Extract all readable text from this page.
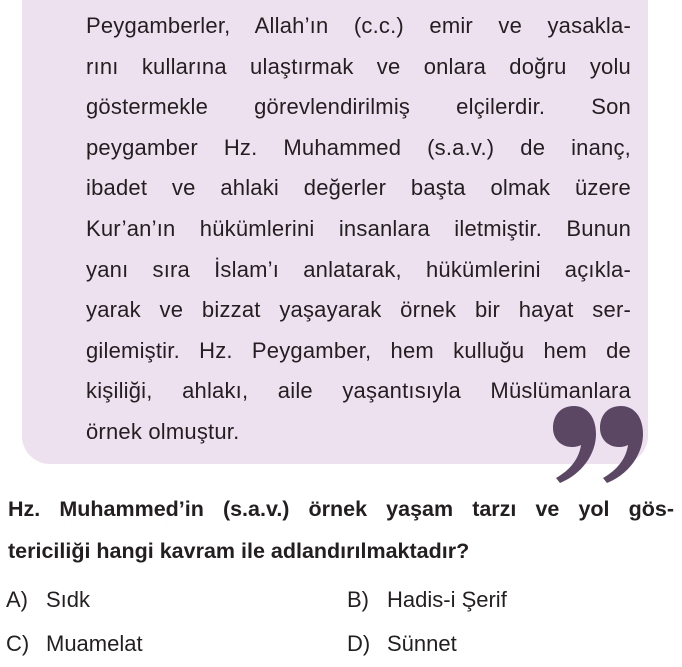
Peygamberler, Allah’ın (c.c.) emir ve yasakla-
rını kullarına ulaştırmak ve onlara doğru yolu
göstermekle görevlendirilmiş elçilerdir. Son
peygamber Hz. Muhammed (s.a.v.) de inanç,
ibadet ve ahlaki değerler başta olmak üzere
Kur’an’ın hükümlerini insanlara iletmiştir. Bunun
yanı sıra İslam’ı anlatarak, hükümlerini açıkla-
yarak ve bizzat yaşayarak örnek bir hayat ser-
gilemiştir. Hz. Peygamber, hem kulluğu hem de
kişiliği, ahlakı, aile yaşantısıyla Müslümanlara
örnek olmuştur.
Hz. Muhammed’in (s.a.v.) örnek yaşam tarzı ve yol gös-
tericiliği hangi kavram ile adlandırılmaktadır?
A) Sıdk	B) Hadis-i Şerif
C) Muamelat	D) Sünnet
